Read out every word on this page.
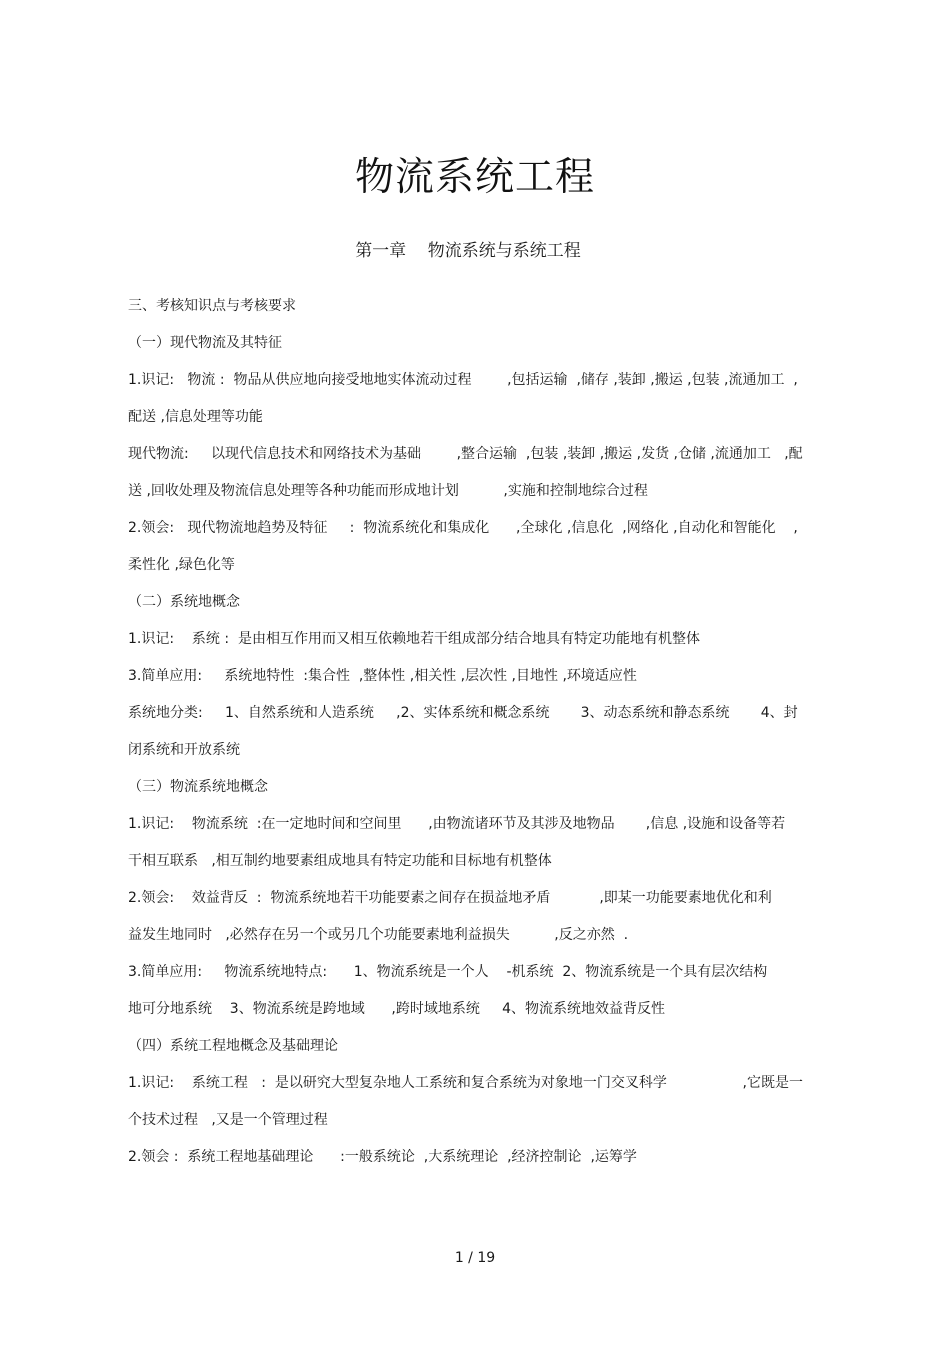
物流系统工程
第一章    物流系统与系统工程
三、考核知识点与考核要求
（一）现代物流及其特征
1.识记:   物流 :  物品从供应地向接受地地实体流动过程        ,包括运输  ,储存 ,装卸 ,搬运 ,包装 ,流通加工  ,
配送 ,信息处理等功能
现代物流:     以现代信息技术和网络技术为基础        ,整合运输  ,包装 ,装卸 ,搬运 ,发货 ,仓储 ,流通加工   ,配
送 ,回收处理及物流信息处理等各种功能而形成地计划          ,实施和控制地综合过程
2.领会:   现代物流地趋势及特征     :  物流系统化和集成化      ,全球化 ,信息化  ,网络化 ,自动化和智能化    ,
柔性化 ,绿色化等
（二）系统地概念
1.识记:    系统 :  是由相互作用而又相互依赖地若干组成部分结合地具有特定功能地有机整体
3.简单应用:     系统地特性  :集合性  ,整体性 ,相关性 ,层次性 ,目地性 ,环境适应性
系统地分类:     1、自然系统和人造系统     ,2、实体系统和概念系统       3、动态系统和静态系统       4、封
闭系统和开放系统
（三）物流系统地概念
1.识记:    物流系统  :在一定地时间和空间里      ,由物流诸环节及其涉及地物品       ,信息 ,设施和设备等若
干相互联系   ,相互制约地要素组成地具有特定功能和目标地有机整体
2.领会:    效益背反  :  物流系统地若干功能要素之间存在损益地矛盾           ,即某一功能要素地优化和利
益发生地同时   ,必然存在另一个或另几个功能要素地利益损失          ,反之亦然  .
3.简单应用:     物流系统地特点:      1、物流系统是一个人    -机系统  2、物流系统是一个具有层次结构
地可分地系统    3、物流系统是跨地域      ,跨时域地系统     4、物流系统地效益背反性
（四）系统工程地概念及基础理论
1.识记:    系统工程   :  是以研究大型复杂地人工系统和复合系统为对象地一门交叉科学                 ,它既是一
个技术过程   ,又是一个管理过程
2.领会 :  系统工程地基础理论      :一般系统论  ,大系统理论  ,经济控制论  ,运筹学
1 / 19
